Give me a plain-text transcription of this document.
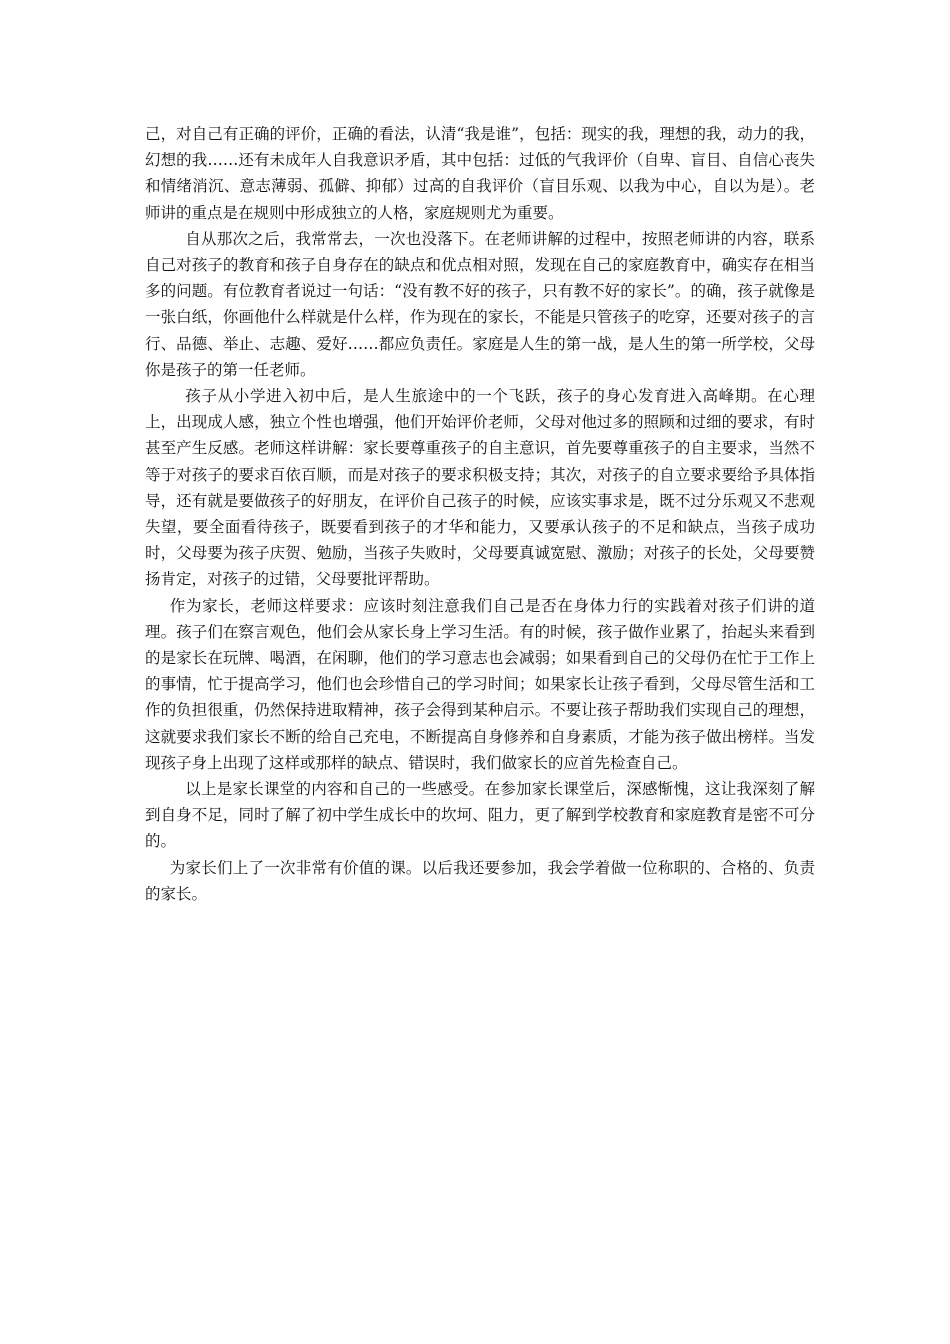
己，对自己有正确的评价，正确的看法，认清“我是谁”，包括：现实的我，理想的我，动力的我，幻想的我……还有未成年人自我意识矛盾，其中包括：过低的气我评价（自卑、盲目、自信心丧失和情绪消沉、意志薄弱、孤僻、抑郁）过高的自我评价（盲目乐观、以我为中心，自以为是）。老师讲的重点是在规则中形成独立的人格，家庭规则尤为重要。

自从那次之后，我常常去，一次也没落下。在老师讲解的过程中，按照老师讲的内容，联系自己对孩子的教育和孩子自身存在的缺点和优点相对照，发现在自己的家庭教育中，确实存在相当多的问题。有位教育者说过一句话：“没有教不好的孩子，只有教不好的家长”。的确，孩子就像是一张白纸，你画他什么样就是什么样，作为现在的家长，不能是只管孩子的吃穿，还要对孩子的言行、品德、举止、志趣、爱好……都应负责任。家庭是人生的第一战，是人生的第一所学校，父母你是孩子的第一任老师。

孩子从小学进入初中后，是人生旅途中的一个飞跃，孩子的身心发育进入高峰期。在心理上，出现成人感，独立个性也增强，他们开始评价老师，父母对他过多的照顾和过细的要求，有时甚至产生反感。老师这样讲解：家长要尊重孩子的自主意识，首先要尊重孩子的自主要求，当然不等于对孩子的要求百依百顺，而是对孩子的要求积极支持；其次，对孩子的自立要求要给予具体指导，还有就是要做孩子的好朋友，在评价自己孩子的时候，应该实事求是，既不过分乐观又不悲观失望，要全面看待孩子，既要看到孩子的才华和能力，又要承认孩子的不足和缺点，当孩子成功时，父母要为孩子庆贺、勉励，当孩子失败时，父母要真诚宽慰、激励；对孩子的长处，父母要赞扬肯定，对孩子的过错，父母要批评帮助。

作为家长，老师这样要求：应该时刻注意我们自己是否在身体力行的实践着对孩子们讲的道理。孩子们在察言观色，他们会从家长身上学习生活。有的时候，孩子做作业累了，抬起头来看到的是家长在玩牌、喝酒，在闲聊，他们的学习意志也会减弱；如果看到自己的父母仍在忙于工作上的事情，忙于提高学习，他们也会珍惜自己的学习时间；如果家长让孩子看到，父母尽管生活和工作的负担很重，仍然保持进取精神，孩子会得到某种启示。不要让孩子帮助我们实现自己的理想，这就要求我们家长不断的给自己充电，不断提高自身修养和自身素质，才能为孩子做出榜样。当发现孩子身上出现了这样或那样的缺点、错误时，我们做家长的应首先检查自己。

以上是家长课堂的内容和自己的一些感受。在参加家长课堂后，深感惭愧，这让我深刻了解到自身不足，同时了解了初中学生成长中的坎坷、阻力，更了解到学校教育和家庭教育是密不可分的。

为家长们上了一次非常有价值的课。以后我还要参加，我会学着做一位称职的、合格的、负责的家长。
